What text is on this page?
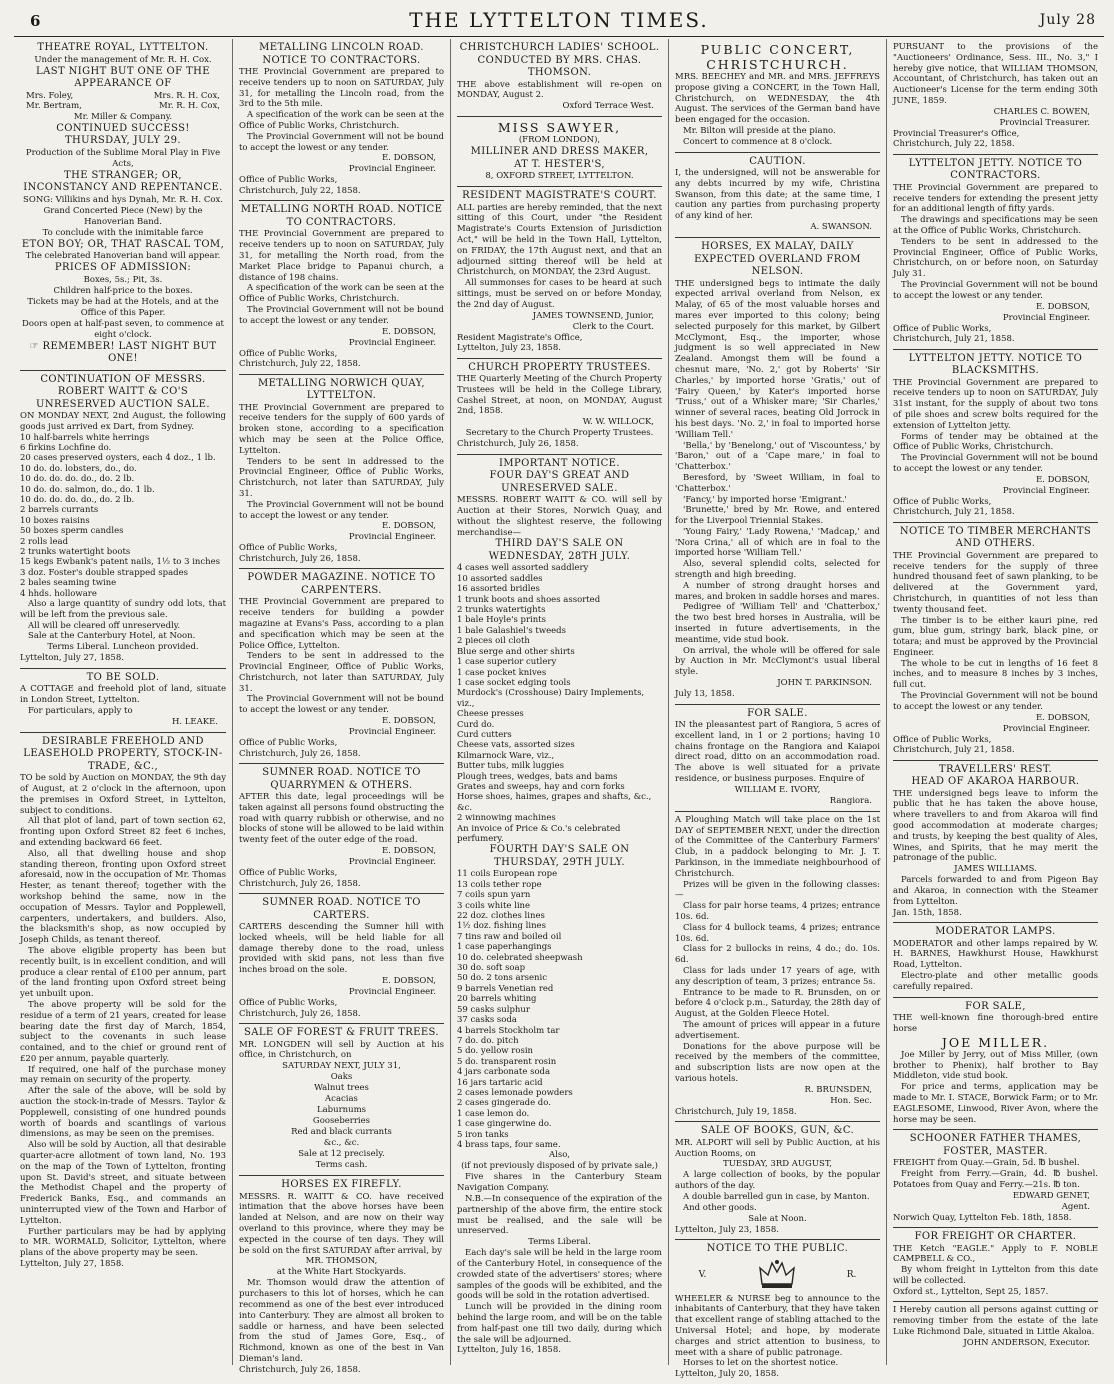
6	THE LYTTELTON TIMES.	July 28
THEATRE ROYAL, LYTTELTON.
Under the management of Mr. R. H. Cox.
LAST NIGHT BUT ONE OF THE APPEARANCE OF
Mrs. Foley,	Mrs. R. H. Cox,
Mr. Bertram,	Mr. R. H. Cox,
Mr. Miller & Company.
CONTINUED SUCCESS!
THURSDAY, JULY 29.
Production of the Sublime Moral Play in Five Acts,
THE STRANGER; OR, INCONSTANCY AND REPENTANCE.
SONG: Villikins and hys Dynah, Mr. R. H. Cox.
Grand Concerted Piece (New) by the Hanoverian Band.
To conclude with the inimitable farce
ETON BOY; OR, THAT RASCAL TOM,
The celebrated Hanoverian band will appear.
PRICES OF ADMISSION:
Boxes, 5s.; Pit, 3s.
Children half-price to the boxes.
Tickets may be had at the Hotels, and at the Office of this Paper.
Doors open at half-past seven, to commence at eight o'clock.
☞ REMEMBER! LAST NIGHT BUT ONE!
CONTINUATION OF MESSRS. ROBERT WAITT & CO'S UNRESERVED AUCTION SALE.

ON MONDAY NEXT, 2nd August, the following goods just arrived ex Dart, from Sydney.

10 half-barrels white herrings
6 firkins Lochfine do.
20 cases preserved oysters, each 4 doz., 1 lb.
10 do. do. lobsters, do., do.
10 do. do. do. do., do. 2 lb.
10 do. do. salmon, do., do. 1 lb.
10 do. do. do. do., do. 2 lb.
2 barrels currants
10 boxes raisins
50 boxes sperm candles
2 rolls lead
2 trunks watertight boots
15 kegs Ewbank's patent nails, 1½ to 3 inches
3 doz. Foster's double strapped spades
2 bales seaming twine
4 hhds. holloware

Also a large quantity of sundry odd lots, that will be left from the previous sale.

All will be cleared off unreservedly.

Sale at the Canterbury Hotel, at Noon.

Terms Liberal. Luncheon provided.

Lyttelton, July 27, 1858.

TO BE SOLD.

A COTTAGE and freehold plot of land, situate in London Street, Lyttelton.

For particulars, apply to

H. LEAKE.
DESIRABLE FREEHOLD AND LEASEHOLD PROPERTY, STOCK-IN-TRADE, &C.,

TO be sold by Auction on MONDAY, the 9th day of August, at 2 o'clock in the afternoon, upon the premises in Oxford Street, in Lyttelton, subject to conditions.

All that plot of land, part of town section 62, fronting upon Oxford Street 82 feet 6 inches, and extending backward 66 feet.

Also, all that dwelling house and shop standing thereon, fronting upon Oxford street aforesaid, now in the occupation of Mr. Thomas Hester, as tenant thereof; together with the workshop behind the same, now in the occupation of Messrs. Taylor and Popplewell, carpenters, undertakers, and builders. Also, the blacksmith's shop, as now occupied by Joseph Childs, as tenant thereof.

The above eligible property has been but recently built, is in excellent condition, and will produce a clear rental of £100 per annum, part of the land fronting upon Oxford street being yet unbuilt upon.

The above property will be sold for the residue of a term of 21 years, created for lease bearing date the first day of March, 1854, subject to the covenants in such lease contained, and to the chief or ground rent of £20 per annum, payable quarterly.

If required, one half of the purchase money may remain on security of the property.

After the sale of the above, will be sold by auction the stock-in-trade of Messrs. Taylor & Popplewell, consisting of one hundred pounds worth of boards and scantlings of various dimensions, as may be seen on the premises.

Also will be sold by Auction, all that desirable quarter-acre allotment of town land, No. 193 on the map of the Town of Lyttelton, fronting upon St. David's street, and situate between the Methodist Chapel and the property of Frederick Banks, Esq., and commands an uninterrupted view of the Town and Harbor of Lyttelton.

Further particulars may be had by applying to MR. WORMALD, Solicitor, Lyttelton, where plans of the above property may be seen.

Lyttelton, July 27, 1858.

METALLING LINCOLN ROAD. NOTICE TO CONTRACTORS.

THE Provincial Government are prepared to receive tenders up to noon on SATURDAY, July 31, for metalling the Lincoln road, from the 3rd to the 5th mile.

A specification of the work can be seen at the Office of Public Works, Christchurch.

The Provincial Government will not be bound to accept the lowest or any tender.

E. DOBSON,
Provincial Engineer.

Office of Public Works,

Christchurch, July 22, 1858.

METALLING NORTH ROAD. NOTICE TO CONTRACTORS.

THE Provincial Government are prepared to receive tenders up to noon on SATURDAY, July 31, for metalling the North road, from the Market Place bridge to Papanui church, a distance of 198 chains.

A specification of the work can be seen at the Office of Public Works, Christchurch.

The Provincial Government will not be bound to accept the lowest or any tender.

E. DOBSON,
Provincial Engineer.

Office of Public Works,

Christchurch, July 22, 1858.

METALLING NORWICH QUAY, LYTTELTON.

THE Provincial Government are prepared to receive tenders for the supply of 600 yards of broken stone, according to a specification which may be seen at the Police Office, Lyttelton.

Tenders to be sent in addressed to the Provincial Engineer, Office of Public Works, Christchurch, not later than SATURDAY, July 31.

The Provincial Government will not be bound to accept the lowest or any tender.

E. DOBSON,
Provincial Engineer.

Office of Public Works,

Christchurch, July 26, 1858.

POWDER MAGAZINE. NOTICE TO CARPENTERS.

THE Provincial Government are prepared to receive tenders for building a powder magazine at Evans's Pass, according to a plan and specification which may be seen at the Police Office, Lyttelton.

Tenders to be sent in addressed to the Provincial Engineer, Office of Public Works, Christchurch, not later than SATURDAY, July 31.

The Provincial Government will not be bound to accept the lowest or any tender.

E. DOBSON,
Provincial Engineer.

Office of Public Works,

Christchurch, July 26, 1858.

SUMNER ROAD. NOTICE TO QUARRYMEN & OTHERS.

AFTER this date, legal proceedings will be taken against all persons found obstructing the road with quarry rubbish or otherwise, and no blocks of stone will be allowed to be laid within twenty feet of the outer edge of the road.

E. DOBSON,
Provincial Engineer.

Office of Public Works,

Christchurch, July 26, 1858.

SUMNER ROAD. NOTICE TO CARTERS.

CARTERS descending the Sumner hill with locked wheels, will be held liable for all damage thereby done to the road, unless provided with skid pans, not less than five inches broad on the sole.

E. DOBSON,
Provincial Engineer.

Office of Public Works,

Christchurch, July 26, 1858.

SALE OF FOREST & FRUIT TREES.

MR. LONGDEN will sell by Auction at his office, in Christchurch, on

SATURDAY NEXT, JULY 31,
Oaks
Walnut trees
Acacias
Laburnums
Gooseberries
Red and black currants
&c., &c.
Sale at 12 precisely.
Terms cash.
HORSES EX FIREFLY.

MESSRS. R. WAITT & CO. have received intimation that the above horses have been landed at Nelson, and are now on their way overland to this province, where they may be expected in the course of ten days. They will be sold on the first SATURDAY after arrival, by

MR. THOMSON,
at the White Hart Stockyards.

Mr. Thomson would draw the attention of purchasers to this lot of horses, which he can recommend as one of the best ever introduced into Canterbury. They are almost all broken to saddle or harness, and have been selected from the stud of James Gore, Esq., of Richmond, known as one of the best in Van Dieman's land.

Christchurch, July 26, 1858.

CHRISTCHURCH LADIES' SCHOOL. CONDUCTED BY MRS. CHAS. THOMSON.

THE above establishment will re-open on MONDAY, August 2.

Oxford Terrace West.
MISS SAWYER,
(FROM LONDON),
MILLINER AND DRESS MAKER,
AT T. HESTER'S,
8, OXFORD STREET, LYTTELTON.
RESIDENT MAGISTRATE'S COURT.

ALL parties are hereby reminded, that the next sitting of this Court, under "the Resident Magistrate's Courts Extension of Jurisdiction Act," will be held in the Town Hall, Lyttelton, on FRIDAY, the 17th August next, and that an adjourned sitting thereof will be held at Christchurch, on MONDAY, the 23rd August.

All summonses for cases to be heard at such sittings, must be served on or before Monday, the 2nd day of August.

JAMES TOWNSEND, Junior,
Clerk to the Court.

Resident Magistrate's Office,

Lyttelton, July 23, 1858.

CHURCH PROPERTY TRUSTEES.

THE Quarterly Meeting of the Church Property Trustees will be held in the College Library, Cashel Street, at noon, on MONDAY, August 2nd, 1858.

W. W. WILLOCK,
Secretary to the Church Property Trustees.

Christchurch, July 26, 1858.

IMPORTANT NOTICE.
FOUR DAY'S GREAT AND UNRESERVED SALE.

MESSRS. ROBERT WAITT & CO. will sell by Auction at their Stores, Norwich Quay, and without the slightest reserve, the following merchandise—

THIRD DAY'S SALE ON WEDNESDAY, 28TH JULY.
4 cases well assorted saddlery
10 assorted saddles
16 assorted bridles
1 trunk boots and shoes assorted
2 trunks watertights
1 bale Hoyle's prints
1 bale Galashiel's tweeds
2 pieces oil cloth
Blue serge and other shirts
1 case superior cutlery
1 case pocket knives
1 case socket edging tools
Murdock's (Crosshouse) Dairy Implements, viz.,
Cheese presses
Curd do.
Curd cutters
Cheese vats, assorted sizes
Kilmarnock Ware, viz.,
Butter tubs, milk luggies
Plough trees, wedges, bats and bams
Grates and sweeps, hay and corn forks
Horse shoes, haimes, grapes and shafts, &c., &c.
2 winnowing machines
An invoice of Price & Co.'s celebrated perfumery.
FOURTH DAY'S SALE ON THURSDAY, 29TH JULY.
11 coils European rope
13 coils tether rope
7 coils spun yarn
3 coils white line
22 doz. clothes lines
1½ doz. fishing lines
7 tins raw and boiled oil
1 case paperhangings
10 do. celebrated sheepwash
30 do. soft soap
50 do. 2 tons arsenic
9 barrels Venetian red
20 barrels whiting
59 casks sulphur
37 casks soda
4 barrels Stockholm tar
7 do. do. pitch
5 do. yellow rosin
5 do. transparent rosin
4 jars carbonate soda
16 jars tartaric acid
2 cases lemonade powders
2 cases gingerade do.
1 case lemon do.
1 case gingerwine do.
5 iron tanks
4 brass taps, four same.
Also,
(if not previously disposed of by private sale,)

Five shares in the Canterbury Steam Navigation Company.

N.B.—In consequence of the expiration of the partnership of the above firm, the entire stock must be realised, and the sale will be unreserved.

Terms Liberal.

Each day's sale will be held in the large room of the Canterbury Hotel, in consequence of the crowded state of the advertisers' stores; where samples of the goods will be exhibited, and the goods will be sold in the rotation advertised.

Lunch will be provided in the dining room behind the large room, and will be on the table from half-past one till two daily, during which the sale will be adjourned.

Lyttelton, July 16, 1858.

PUBLIC CONCERT, CHRISTCHURCH.

MRS. BEECHEY and MR. and MRS. JEFFREYS propose giving a CONCERT, in the Town Hall, Christchurch, on WEDNESDAY, the 4th August. The services of the German band have been engaged for the occasion.

Mr. Bilton will preside at the piano.

Concert to commence at 8 o'clock.

CAUTION.

I, the undersigned, will not be answerable for any debts incurred by my wife, Christina Swanson, from this date; at the same time, I caution any parties from purchasing property of any kind of her.

A. SWANSON.
HORSES, EX MALAY, DAILY EXPECTED OVERLAND FROM NELSON.

THE undersigned begs to intimate the daily expected arrival overland from Nelson, ex Malay, of 65 of the most valuable horses and mares ever imported to this colony; being selected purposely for this market, by Gilbert McClymont, Esq., the importer, whose judgment is so well appreciated in New Zealand. Amongst them will be found a chesnut mare, 'No. 2,' got by Roberts' 'Sir Charles,' by imported horse 'Gratis,' out of 'Fairy Queen,' by Kater's imported horse 'Truss,' out of a Whisker mare; 'Sir Charles,' winner of several races, beating Old Jorrock in his best days. 'No. 2,' in foal to imported horse 'William Tell.'

'Bella,' by 'Benelong,' out of 'Viscountess,' by 'Baron,' out of a 'Cape mare,' in foal to 'Chatterbox.'

Beresford, by 'Sweet William, in foal to 'Chatterbox.'

'Fancy,' by imported horse 'Emigrant.'

'Brunette,' bred by Mr. Rowe, and entered for the Liverpool Triennial Stakes.

'Young Fairy,' 'Lady Rowena,' 'Madcap,' and 'Nora Crina,' all of which are in foal to the imported horse 'William Tell.'

Also, several splendid colts, selected for strength and high breeding.

A number of strong draught horses and mares, and broken in saddle horses and mares.

Pedigree of 'William Tell' and 'Chatterbox,' the two best bred horses in Australia, will be inserted in future advertisements, in the meantime, vide stud book.

On arrival, the whole will be offered for sale by Auction in Mr. McClymont's usual liberal style.

JOHN T. PARKINSON.

July 13, 1858.

FOR SALE.

IN the pleasantest part of Rangiora, 5 acres of excellent land, in 1 or 2 portions; having 10 chains frontage on the Rangiora and Kaiapoi direct road, ditto on an accommodation road. The above is well situated for a private residence, or business purposes. Enquire of

WILLIAM E. IVORY,
Rangiora.

A Ploughing Match will take place on the 1st DAY of SEPTEMBER NEXT, under the direction of the Committee of the Canterbury Farmers' Club, in a paddock belonging to Mr. J. T. Parkinson, in the immediate neighbourhood of Christchurch.

Prizes will be given in the following classes:—

Class for pair horse teams, 4 prizes; entrance 10s. 6d.

Class for 4 bullock teams, 4 prizes; entrance 10s. 6d.

Class for 2 bullocks in reins, 4 do.; do. 10s. 6d.

Class for lads under 17 years of age, with any description of team, 3 prizes; entrance 5s.

Entrance to be made to R. Brunsden, on or before 4 o'clock p.m., Saturday, the 28th day of August, at the Golden Fleece Hotel.

The amount of prices will appear in a future advertisement.

Donations for the above purpose will be received by the members of the committee, and subscription lists are now open at the various hotels.

R. BRUNSDEN,
Hon. Sec.

Christchurch, July 19, 1858.

SALE OF BOOKS, GUN, &C.

MR. ALPORT will sell by Public Auction, at his Auction Rooms, on

TUESDAY, 3RD AUGUST,

A large collection of books, by the popular authors of the day.

A double barrelled gun in case, by Manton.

And other goods.

Sale at Noon.

Lyttelton, July 23, 1858.

NOTICE TO THE PUBLIC.
V.	R.

WHEELER & NURSE beg to announce to the inhabitants of Canterbury, that they have taken that excellent range of stabling attached to the Universal Hotel; and hope, by moderate charges and strict attention to business, to meet with a share of public patronage.

Horses to let on the shortest notice.

Lyttelton, July 20, 1858.

PURSUANT to the provisions of the "Auctioneers' Ordinance, Sess. III., No. 3," I hereby give notice, that WILLIAM THOMSON, Accountant, of Christchurch, has taken out an Auctioneer's License for the term ending 30th JUNE, 1859.

CHARLES C. BOWEN,
Provincial Treasurer.

Provincial Treasurer's Office,

Christchurch, July 22, 1858.

LYTTELTON JETTY. NOTICE TO CONTRACTORS.

THE Provincial Government are prepared to receive tenders for extending the present jetty for an additional length of fifty yards.

The drawings and specifications may be seen at the Office of Public Works, Christchurch.

Tenders to be sent in addressed to the Provincial Engineer, Office of Public Works, Christchurch, on or before noon, on Saturday July 31.

The Provincial Government will not be bound to accept the lowest or any tender.

E. DOBSON,
Provincial Engineer.

Office of Public Works,

Christchurch, July 21, 1858.

LYTTELTON JETTY. NOTICE TO BLACKSMITHS.

THE Provincial Government are prepared to receive tenders up to noon on SATURDAY, July 31st instant, for the supply of about two tons of pile shoes and screw bolts required for the extension of Lyttelton jetty.

Forms of tender may be obtained at the Office of Public Works, Christchurch.

The Provincial Government will not be bound to accept the lowest or any tender.

E. DOBSON,
Provincial Engineer.

Office of Public Works,

Christchurch, July 21, 1858.

NOTICE TO TIMBER MERCHANTS AND OTHERS.

THE Provincial Government are prepared to receive tenders for the supply of three hundred thousand feet of sawn planking, to be delivered at the Government yard, Christchurch, in quantities of not less than twenty thousand feet.

The timber is to be either kauri pine, red gum, blue gum, stringy bark, black pine, or totara; and must be approved by the Provincial Engineer.

The whole to be cut in lengths of 16 feet 8 inches, and to measure 8 inches by 3 inches, full cut.

The Provincial Government will not be bound to accept the lowest or any tender.

E. DOBSON,
Provincial Engineer.

Office of Public Works,

Christchurch, July 21, 1858.

TRAVELLERS' REST.
HEAD OF AKAROA HARBOUR.

THE undersigned begs leave to inform the public that he has taken the above house, where travellers to and from Akaroa will find good accommodation at moderate charges; and trusts, by keeping the best quality of Ales, Wines, and Spirits, that he may merit the patronage of the public.

JAMES WILLIAMS.

Parcels forwarded to and from Pigeon Bay and Akaroa, in connection with the Steamer from Lyttelton.

Jan. 15th, 1858.

MODERATOR LAMPS.

MODERATOR and other lamps repaired by W. H. BARNES, Hawkhurst House, Hawkhurst Road, Lyttelton.

Electro-plate and other metallic goods carefully repaired.

FOR SALE,

THE well-known fine thorough-bred entire horse

JOE MILLER.

Joe Miller by Jerry, out of Miss Miller, (own brother to Phenix), half brother to Bay Middleton, vide stud book.

For price and terms, application may be made to Mr. I. STACE, Borwick Farm; or to Mr. EAGLESOME, Linwood, River Avon, where the horse may be seen.

SCHOONER FATHER THAMES, FOSTER, MASTER.

FREIGHT from Quay.—Grain, 5d. ℔ bushel.

Freight from Ferry.—Grain, 4d. ℔ bushel. Potatoes from Quay and Ferry.—21s. ℔ ton.

EDWARD GENET,
Agent.

Norwich Quay, Lyttelton Feb. 18th, 1858.

FOR FREIGHT OR CHARTER.

THE Ketch "EAGLE." Apply to F. NOBLE CAMPBELL & CO.,

By whom freight in Lyttelton from this date will be collected.

Oxford st., Lyttelton, Sept 25, 1857.

I Hereby caution all persons against cutting or removing timber from the estate of the late Luke Richmond Dale, situated in Little Akaloa.

JOHN ANDERSON, Executor.
